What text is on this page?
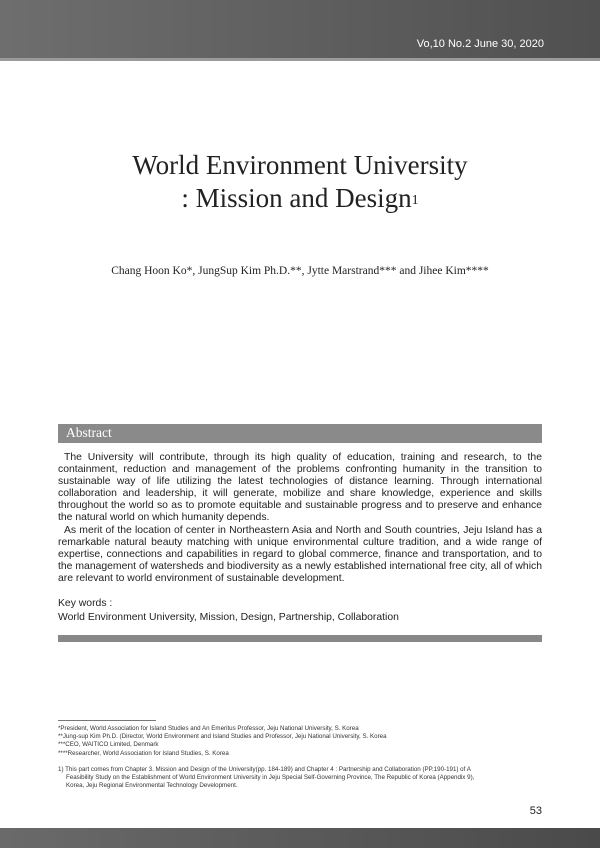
Vo,10 No.2 June 30, 2020
World Environment University
: Mission and Design$^1$
Chang Hoon Ko*, JungSup Kim Ph.D.**, Jytte Marstrand*** and Jihee Kim****
Abstract

The University will contribute, through its high quality of education, training and research, to the containment, reduction and management of the problems confronting humanity in the transition to sustainable way of life utilizing the latest technologies of distance learning. Through international collaboration and leadership, it will generate, mobilize and share knowledge, experience and skills throughout the world so as to promote equitable and sustainable progress and to preserve and enhance the natural world on which humanity depends.

As merit of the location of center in Northeastern Asia and North and South countries, Jeju Island has a remarkable natural beauty matching with unique environmental culture tradition, and a wide range of expertise, connections and capabilities in regard to global commerce, finance and transportation, and to the management of watersheds and biodiversity as a newly established international free city, all of which are relevant to world environment of sustainable development.

Key words :
World Environment University, Mission, Design, Partnership, Collaboration
*President, World Association for Island Studies and An Emeritus Professor, Jeju National University, S. Korea
**Jung-sup Kim Ph.D. (Director, World Environment and Island Studies and Professor, Jeju National University, S. Korea
***CEO, WAITICO Limited, Denmark
****Researcher, World Association for Island Studies, S. Korea
1) This part comes from Chapter 3. Mission and Design of the University(pp. 184-189) and Chapter 4 : Partnership and Collaboration (PP.190-191) of A
Feasibility Study on the Establishment of World Environment University in Jeju Special Self-Governing Province, The Republic of Korea (Appendix 9),
Korea, Jeju Regional Environmental Technology Development.
53
